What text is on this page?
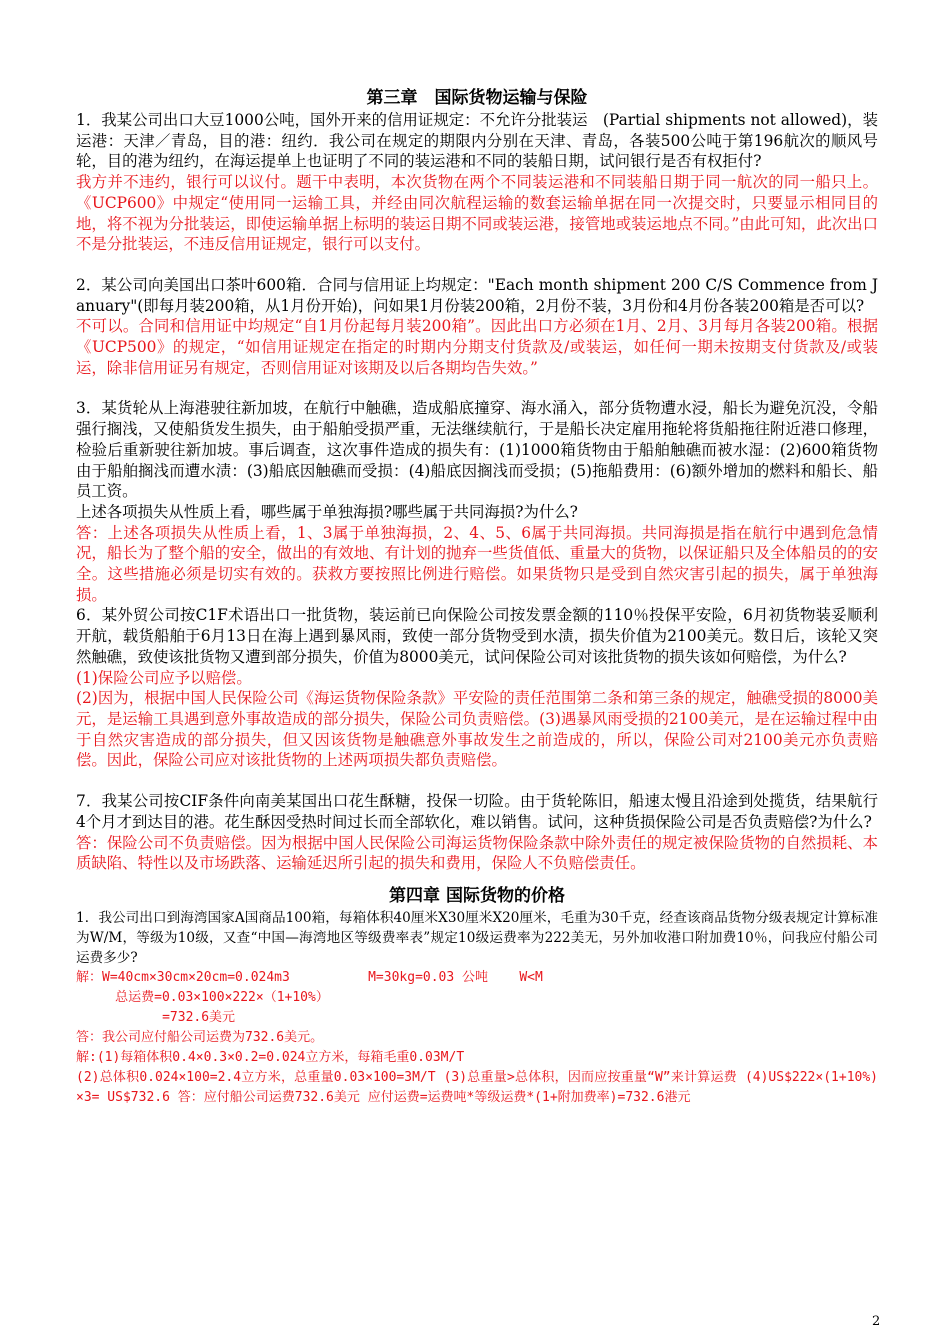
第三章　国际货物运输与保险

1．我某公司出口大豆1000公吨，国外开来的信用证规定：不允许分批装运　(Partial shipments not allowed)，装运港：天津／青岛，目的港：纽约．我公司在规定的期限内分别在天津、青岛，各装500公吨于第196航次的顺风号轮，目的港为纽约，在海运提单上也证明了不同的装运港和不同的装船日期，试问银行是否有权拒付?

我方并不违约，银行可以议付。题干中表明，本次货物在两个不同装运港和不同装船日期于同一航次的同一船只上。《UCP600》中规定“使用同一运输工具，并经由同次航程运输的数套运输单据在同一次提交时，只要显示相同目的地，将不视为分批装运，即使运输单据上标明的装运日期不同或装运港，接管地或装运地点不同。”由此可知，此次出口不是分批装运，不违反信用证规定，银行可以支付。

2．某公司向美国出口茶叶600箱．合同与信用证上均规定："Each month shipment 200 C/S Commence from January"(即每月装200箱，从1月份开始)，问如果1月份装200箱，2月份不装，3月份和4月份各装200箱是否可以?

不可以。合同和信用证中均规定“自1月份起每月装200箱”。因此出口方必须在1月、2月、3月每月各装200箱。根据《UCP500》的规定，“如信用证规定在指定的时期内分期支付货款及/或装运，如任何一期未按期支付货款及/或装运，除非信用证另有规定，否则信用证对该期及以后各期均告失效。”

3．某货轮从上海港驶往新加坡，在航行中触礁，造成船底撞穿、海水涌入，部分货物遭水浸，船长为避免沉没，令船强行搁浅，又使船货发生损失，由于船舶受损严重，无法继续航行，于是船长决定雇用拖轮将货船拖往附近港口修理，检验后重新驶往新加坡。事后调查，这次事件造成的损失有：(1)1000箱货物由于船舶触礁而被水湿：(2)600箱货物由于船舶搁浅而遭水渍：(3)船底因触礁而受损：(4)船底因搁浅而受损；(5)拖船费用：(6)额外增加的燃料和船长、船员工资。

上述各项损失从性质上看，哪些属于单独海损?哪些属于共同海损?为什么?

答：上述各项损失从性质上看，1、3属于单独海损，2、4、5、6属于共同海损。共同海损是指在航行中遇到危急情况，船长为了整个船的安全，做出的有效地、有计划的抛弃一些货值低、重量大的货物，以保证船只及全体船员的的安全。这些措施必须是切实有效的。获救方要按照比例进行赔偿。如果货物只是受到自然灾害引起的损失，属于单独海损。

6．某外贸公司按C1F术语出口一批货物，装运前已向保险公司按发票金额的110％投保平安险，6月初货物装妥顺利开航，载货船舶于6月13日在海上遇到暴风雨，致使一部分货物受到水渍，损失价值为2100美元。数日后，该轮又突然触礁，致使该批货物又遭到部分损失，价值为8000美元，试问保险公司对该批货物的损失该如何赔偿，为什么?

(1)保险公司应予以赔偿。

(2)因为，根据中国人民保险公司《海运货物保险条款》平安险的责任范围第二条和第三条的规定，触礁受损的8000美元，是运输工具遇到意外事故造成的部分损失，保险公司负责赔偿。(3)遇暴风雨受损的2100美元，是在运输过程中由于自然灾害造成的部分损失，但又因该货物是触礁意外事故发生之前造成的，所以，保险公司对2100美元亦负责赔偿。因此，保险公司应对该批货物的上述两项损失都负责赔偿。

7．我某公司按CIF条件向南美某国出口花生酥糖，投保一切险。由于货轮陈旧，船速太慢且沿途到处揽货，结果航行4个月才到达目的港。花生酥因受热时间过长而全部软化，难以销售。试问，这种货损保险公司是否负责赔偿?为什么?

答：保险公司不负责赔偿。因为根据中国人民保险公司海运货物保险条款中除外责任的规定被保险货物的自然损耗、本质缺陷、特性以及市场跌落、运输延迟所引起的损失和费用，保险人不负赔偿责任。

第四章 国际货物的价格

1．我公司出口到海湾国家A国商品100箱，每箱体积40厘米X30厘米X20厘米，毛重为30千克，经查该商品货物分级表规定计算标准为W/M，等级为10级，又查“中国—海湾地区等级费率表”规定10级运费率为222美无，另外加收港口附加费10％，问我应付船公司运费多少?

解：W=40cm×30cm×20cm=0.024m3          M=30kg=0.03 公吨    W<M
总运费=0.03×100×222×（1+10%）
=732.6美元
答：我公司应付船公司运费为732.6美元。
解:(1)每箱体积0.4×0.3×0.2=0.024立方米，每箱毛重0.03M/T
(2)总体积0.024×100=2.4立方米，总重量0.03×100=3M/T (3)总重量>总体积，因而应按重量“W”来计算运费 (4)US$222×(1+10%)×3= US$732.6 答：应付船公司运费732.6美元 应付运费=运费吨*等级运费*(1+附加费率)=732.6港元
2
